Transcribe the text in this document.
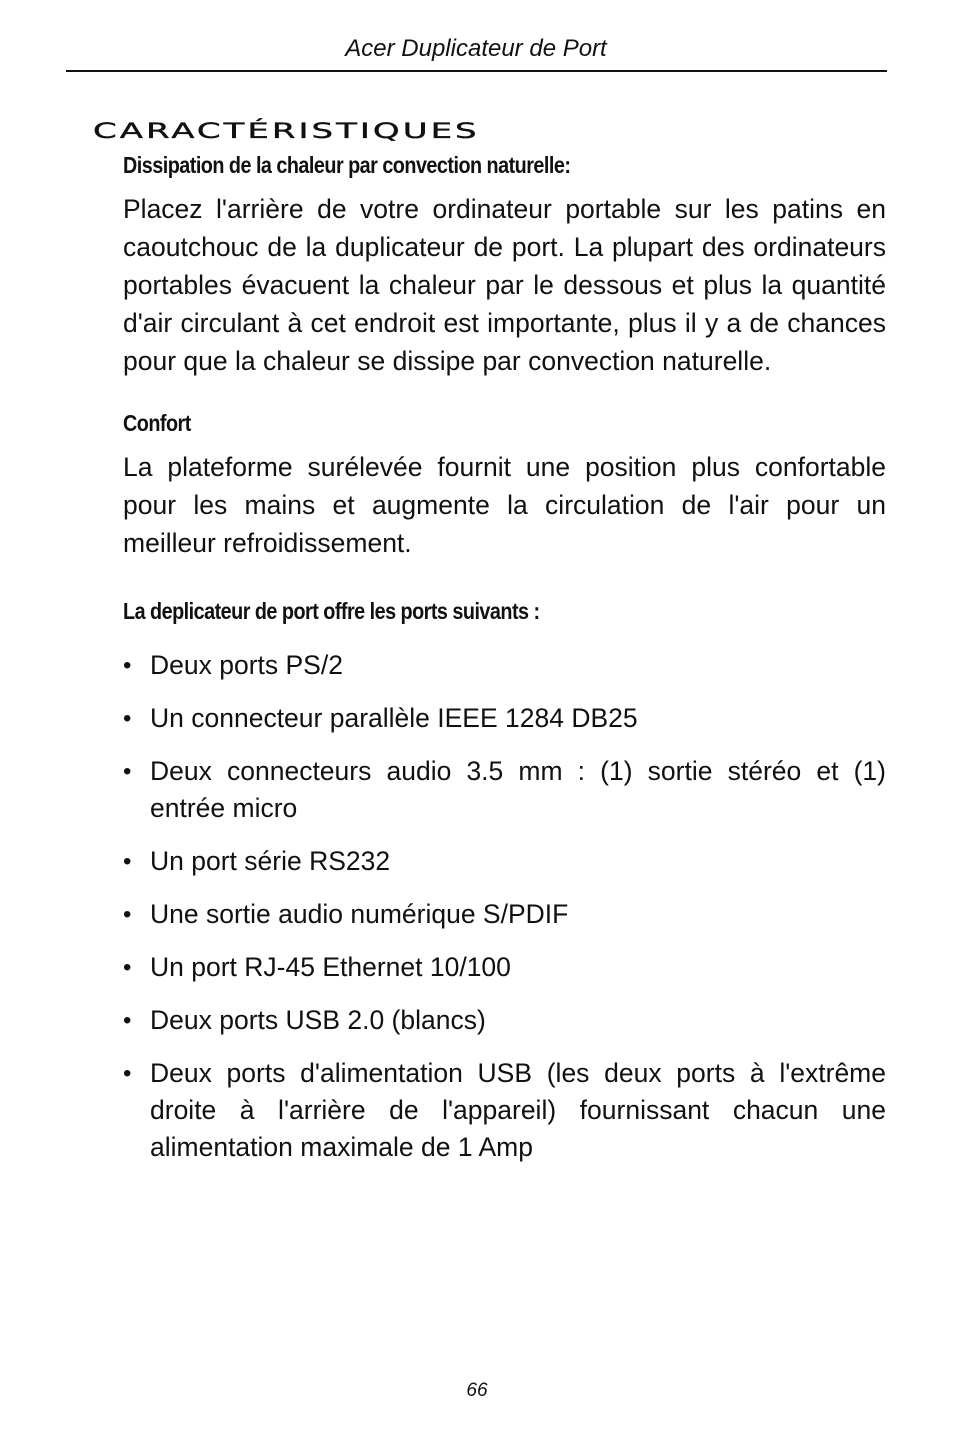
Acer Duplicateur de Port
CARACTÉRISTIQUES
Dissipation de la chaleur par convection naturelle:

Placez l'arrière de votre ordinateur portable sur les patins en caoutchouc de la duplicateur de port. La plupart des ordinateurs portables évacuent la chaleur par le dessous et plus la quantité d'air circulant à cet endroit est importante, plus il y a de chances pour que la chaleur se dissipe par convection naturelle.

Confort

La plateforme surélevée fournit une position plus confortable pour les mains et augmente la circulation de l'air pour un meilleur refroidissement.

La deplicateur de port offre les ports suivants :
• Deux ports PS/2
• Un connecteur parallèle IEEE 1284 DB25
• Deux connecteurs audio 3.5 mm : (1) sortie stéréo et (1) entrée micro
• Un port série RS232
• Une sortie audio numérique S/PDIF
• Un port RJ-45 Ethernet 10/100
• Deux ports USB 2.0 (blancs)
• Deux ports d'alimentation USB (les deux ports à l'extrême droite à l'arrière de l'appareil) fournissant chacun une alimentation maximale de 1 Amp
66
